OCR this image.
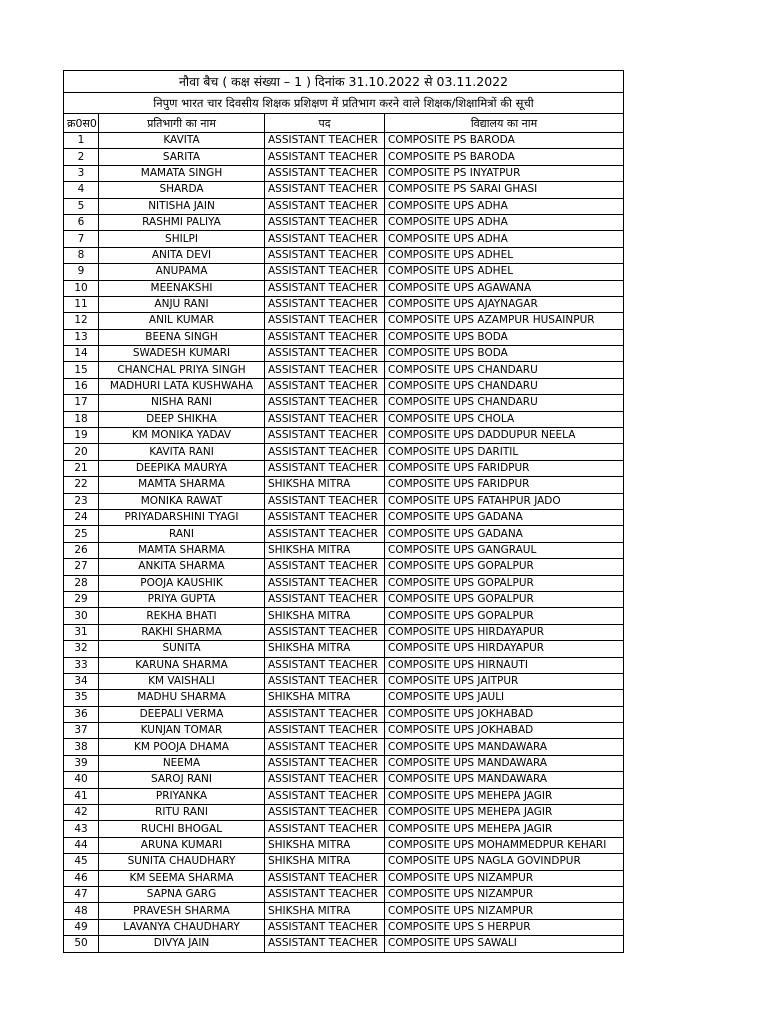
नौवा बैच ( कक्ष संख्या – 1 ) दिनांक 31.10.2022 से 03.11.2022			
निपुण भारत चार दिवसीय शिक्षक प्रशिक्षण में प्रतिभाग करने वाले शिक्षक/शिक्षामित्रों की सूची			
क्र0स0	प्रतिभागी का नाम	पद	विद्यालय का नाम
1	KAVITA	ASSISTANT TEACHER	COMPOSITE PS BARODA
2	SARITA	ASSISTANT TEACHER	COMPOSITE PS BARODA
3	MAMATA SINGH	ASSISTANT TEACHER	COMPOSITE PS INYATPUR
4	SHARDA	ASSISTANT TEACHER	COMPOSITE PS SARAI GHASI
5	NITISHA JAIN	ASSISTANT TEACHER	COMPOSITE UPS ADHA
6	RASHMI PALIYA	ASSISTANT TEACHER	COMPOSITE UPS ADHA
7	SHILPI	ASSISTANT TEACHER	COMPOSITE UPS ADHA
8	ANITA DEVI	ASSISTANT TEACHER	COMPOSITE UPS ADHEL
9	ANUPAMA	ASSISTANT TEACHER	COMPOSITE UPS ADHEL
10	MEENAKSHI	ASSISTANT TEACHER	COMPOSITE UPS AGAWANA
11	ANJU RANI	ASSISTANT TEACHER	COMPOSITE UPS AJAYNAGAR
12	ANIL KUMAR	ASSISTANT TEACHER	COMPOSITE UPS AZAMPUR HUSAINPUR
13	BEENA SINGH	ASSISTANT TEACHER	COMPOSITE UPS BODA
14	SWADESH KUMARI	ASSISTANT TEACHER	COMPOSITE UPS BODA
15	CHANCHAL PRIYA SINGH	ASSISTANT TEACHER	COMPOSITE UPS CHANDARU
16	MADHURI LATA KUSHWAHA	ASSISTANT TEACHER	COMPOSITE UPS CHANDARU
17	NISHA RANI	ASSISTANT TEACHER	COMPOSITE UPS CHANDARU
18	DEEP SHIKHA	ASSISTANT TEACHER	COMPOSITE UPS CHOLA
19	KM MONIKA YADAV	ASSISTANT TEACHER	COMPOSITE UPS DADDUPUR NEELA
20	KAVITA RANI	ASSISTANT TEACHER	COMPOSITE UPS DARITIL
21	DEEPIKA MAURYA	ASSISTANT TEACHER	COMPOSITE UPS FARIDPUR
22	MAMTA SHARMA	SHIKSHA MITRA	COMPOSITE UPS FARIDPUR
23	MONIKA RAWAT	ASSISTANT TEACHER	COMPOSITE UPS FATAHPUR JADO
24	PRIYADARSHINI TYAGI	ASSISTANT TEACHER	COMPOSITE UPS GADANA
25	RANI	ASSISTANT TEACHER	COMPOSITE UPS GADANA
26	MAMTA SHARMA	SHIKSHA MITRA	COMPOSITE UPS GANGRAUL
27	ANKITA SHARMA	ASSISTANT TEACHER	COMPOSITE UPS GOPALPUR
28	POOJA KAUSHIK	ASSISTANT TEACHER	COMPOSITE UPS GOPALPUR
29	PRIYA GUPTA	ASSISTANT TEACHER	COMPOSITE UPS GOPALPUR
30	REKHA BHATI	SHIKSHA MITRA	COMPOSITE UPS GOPALPUR
31	RAKHI SHARMA	ASSISTANT TEACHER	COMPOSITE UPS HIRDAYAPUR
32	SUNITA	SHIKSHA MITRA	COMPOSITE UPS HIRDAYAPUR
33	KARUNA SHARMA	ASSISTANT TEACHER	COMPOSITE UPS HIRNAUTI
34	KM VAISHALI	ASSISTANT TEACHER	COMPOSITE UPS JAITPUR
35	MADHU SHARMA	SHIKSHA MITRA	COMPOSITE UPS JAULI
36	DEEPALI VERMA	ASSISTANT TEACHER	COMPOSITE UPS JOKHABAD
37	KUNJAN TOMAR	ASSISTANT TEACHER	COMPOSITE UPS JOKHABAD
38	KM POOJA DHAMA	ASSISTANT TEACHER	COMPOSITE UPS MANDAWARA
39	NEEMA	ASSISTANT TEACHER	COMPOSITE UPS MANDAWARA
40	SAROJ RANI	ASSISTANT TEACHER	COMPOSITE UPS MANDAWARA
41	PRIYANKA	ASSISTANT TEACHER	COMPOSITE UPS MEHEPA JAGIR
42	RITU RANI	ASSISTANT TEACHER	COMPOSITE UPS MEHEPA JAGIR
43	RUCHI BHOGAL	ASSISTANT TEACHER	COMPOSITE UPS MEHEPA JAGIR
44	ARUNA KUMARI	SHIKSHA MITRA	COMPOSITE UPS MOHAMMEDPUR KEHARI
45	SUNITA CHAUDHARY	SHIKSHA MITRA	COMPOSITE UPS NAGLA GOVINDPUR
46	KM SEEMA SHARMA	ASSISTANT TEACHER	COMPOSITE UPS NIZAMPUR
47	SAPNA GARG	ASSISTANT TEACHER	COMPOSITE UPS NIZAMPUR
48	PRAVESH SHARMA	SHIKSHA MITRA	COMPOSITE UPS NIZAMPUR
49	LAVANYA CHAUDHARY	ASSISTANT TEACHER	COMPOSITE UPS S HERPUR
50	DIVYA JAIN	ASSISTANT TEACHER	COMPOSITE UPS SAWALI
